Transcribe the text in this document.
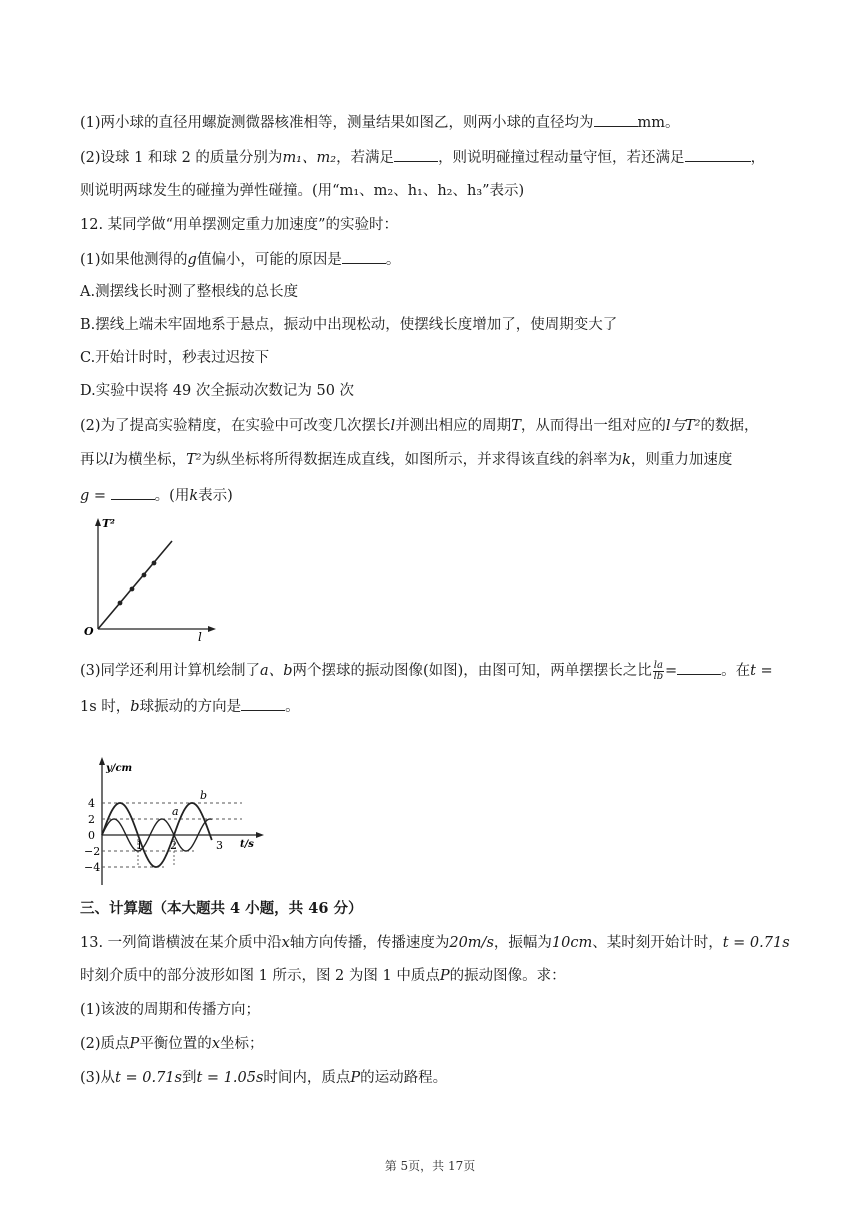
(1)两小球的直径用螺旋测微器核准相等，测量结果如图乙，则两小球的直径均为	mm。
(2)设球 1 和球 2 的质量分别为m₁、m₂，若满足	，则说明碰撞过程动量守恒，若还满足	，
则说明两球发生的碰撞为弹性碰撞。(用“m₁、m₂、h₁、h₂、h₃”表示)
12. 某同学做“用单摆测定重力加速度”的实验时：
(1)如果他测得的g值偏小，可能的原因是	。
A.测摆线长时测了整根线的总长度
B.摆线上端未牢固地系于悬点，振动中出现松动，使摆线长度增加了，使周期变大了
C.开始计时时，秒表过迟按下
D.实验中误将 49 次全振动次数记为 50 次
(2)为了提高实验精度，在实验中可改变几次摆长l并测出相应的周期T，从而得出一组对应的l与T²的数据，
再以l为横坐标，T²为纵坐标将所得数据连成直线，如图所示，并求得该直线的斜率为k，则重力加速度
g =	。(用k表示)
T²
l
O
(3)同学还利用计算机绘制了a、b两个摆球的振动图像(如图)，由图可知，两单摆摆长之比 $\frac{la}{lb}$ =	。在t =
1s 时，b球振动的方向是	。
4
2
0
−2
−4
1 2	3
y/cm
t/s
a
b
三、计算题（本大题共 4 小题，共 46 分）
13. 一列简谐横波在某介质中沿x轴方向传播，传播速度为20m/s，振幅为10cm、某时刻开始计时，t = 0.71s
时刻介质中的部分波形如图 1 所示，图 2 为图 1 中质点P的振动图像。求：
(1)该波的周期和传播方向；
(2)质点P平衡位置的x坐标；
(3)从t = 0.71s到t = 1.05s时间内，质点P的运动路程。
第 5页，共 17页
